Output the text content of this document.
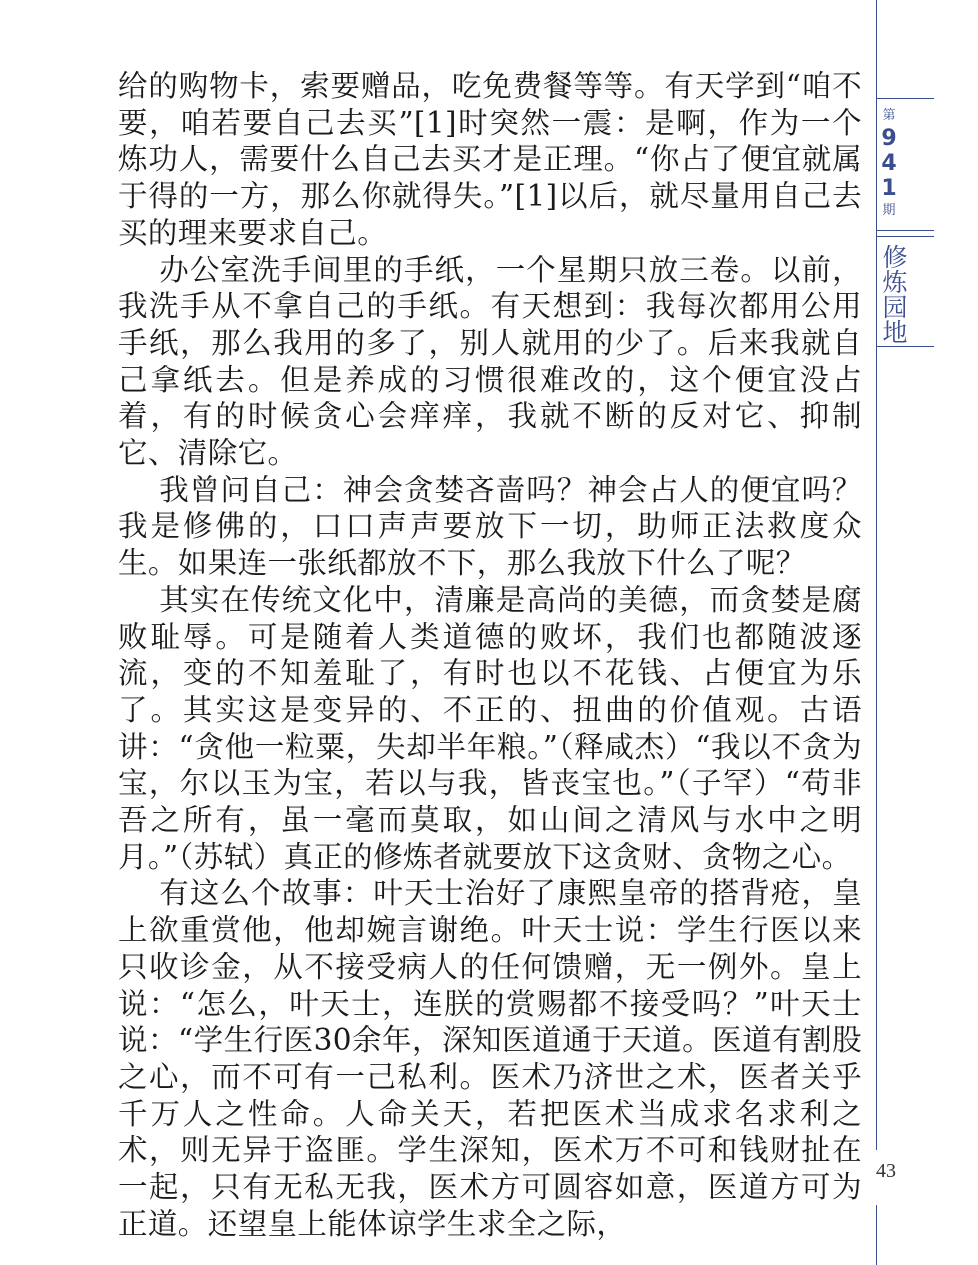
给的购物卡，索要赠品，吃免费餐等等。有天学到“咱不要，咱若要自己去买”[1]时突然一震：是啊，作为一个炼功人，需要什么自己去买才是正理。“你占了便宜就属于得的一方，那么你就得失。”[1]以后，就尽量用自己去买的理来要求自己。

办公室洗手间里的手纸，一个星期只放三卷。以前，我洗手从不拿自己的手纸。有天想到：我每次都用公用手纸，那么我用的多了，别人就用的少了。后来我就自己拿纸去。但是养成的习惯很难改的，这个便宜没占着，有的时候贪心会痒痒，我就不断的反对它、抑制它、清除它。

我曾问自己：神会贪婪吝啬吗？神会占人的便宜吗？我是修佛的，口口声声要放下一切，助师正法救度众生。如果连一张纸都放不下，那么我放下什么了呢？

其实在传统文化中，清廉是高尚的美德，而贪婪是腐败耻辱。可是随着人类道德的败坏，我们也都随波逐流，变的不知羞耻了，有时也以不花钱、占便宜为乐了。其实这是变异的、不正的、扭曲的价值观。古语讲：“贪他一粒粟，失却半年粮。”（释咸杰）“我以不贪为宝，尔以玉为宝，若以与我，皆丧宝也。”（子罕）“苟非吾之所有，虽一毫而莫取，如山间之清风与水中之明月。”（苏轼）真正的修炼者就要放下这贪财、贪物之心。

有这么个故事：叶天士治好了康熙皇帝的搭背疮，皇上欲重赏他，他却婉言谢绝。叶天士说：学生行医以来只收诊金，从不接受病人的任何馈赠，无一例外。皇上说：“怎么，叶天士，连朕的赏赐都不接受吗？”叶天士说：“学生行医30余年，深知医道通于天道。医道有割股之心，而不可有一己私利。医术乃济世之术，医者关乎千万人之性命。人命关天，若把医术当成求名求利之术，则无异于盗匪。学生深知，医术万不可和钱财扯在一起，只有无私无我，医术方可圆容如意，医道方可为正道。还望皇上能体谅学生求全之际，

第
9
4
1
期
修炼园地
43
